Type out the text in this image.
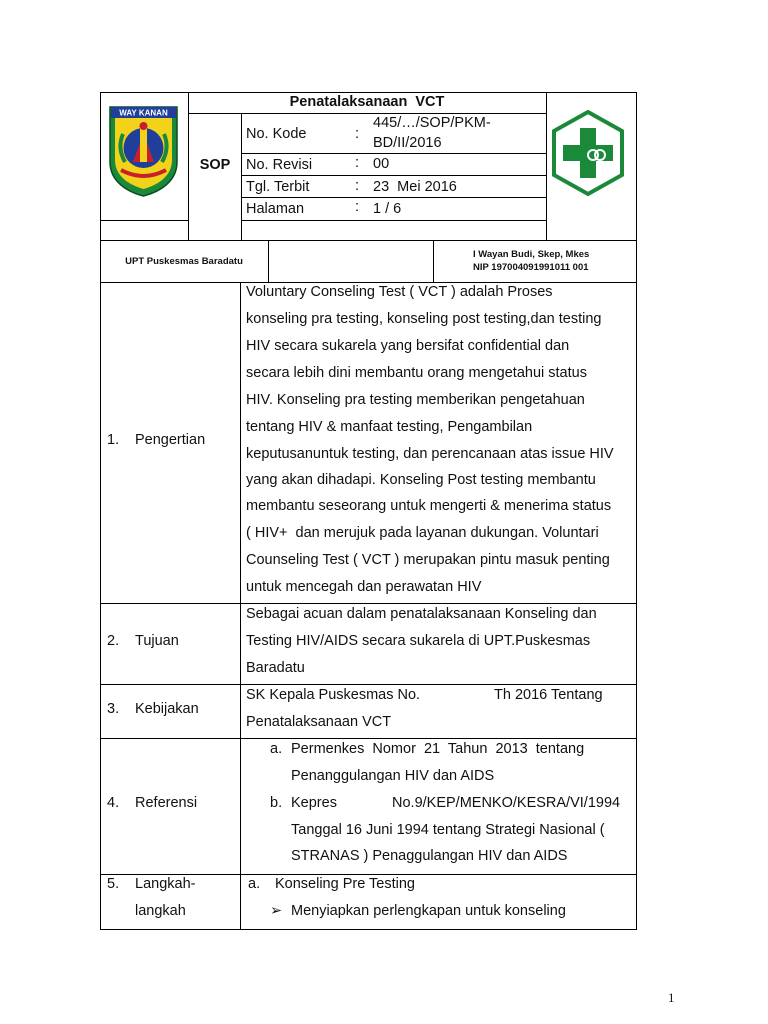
WAY KANAN
Penatalaksanaan  VCT
SOP
No. Kode	:
445/…/SOP/PKM-
BD/II/2016
No. Revisi	: 00
Tgl. Terbit	: 23  Mei 2016
Halaman	: 1 / 6
UPT Puskesmas Baradatu
I Wayan Budi, Skep, Mkes
NIP 197004091991011 001
1. Pengertian
Voluntary Conseling Test ( VCT ) adalah Proses
konseling pra testing, konseling post testing,dan testing
HIV secara sukarela yang bersifat confidential dan
secara lebih dini membantu orang mengetahui status
HIV. Konseling pra testing memberikan pengetahuan
tentang HIV & manfaat testing, Pengambilan
keputusanuntuk testing, dan perencanaan atas issue HIV
yang akan dihadapi. Konseling Post testing membantu
membantu seseorang untuk mengerti & menerima status
( HIV+  dan merujuk pada layanan dukungan. Voluntari
Counseling Test ( VCT ) merupakan pintu masuk penting
untuk mencegah dan perawatan HIV
2. Tujuan
Sebagai acuan dalam penatalaksanaan Konseling dan
Testing HIV/AIDS secara sukarela di UPT.Puskesmas
Baradatu
3. Kebijakan
SK Kepala Puskesmas No.	Th 2016 Tentang
Penatalaksanaan VCT
4. Referensi
a. Permenkes  Nomor  21  Tahun  2013  tentang
Penanggulangan HIV dan AIDS
b. Kepres	No.9/KEP/MENKO/KESRA/VI/1994
Tanggal 16 Juni 1994 tentang Strategi Nasional (
STRANAS ) Penaggulangan HIV dan AIDS
5. Langkah-
langkah
a. Konseling Pre Testing
➢ Menyiapkan perlengkapan untuk konseling
1
